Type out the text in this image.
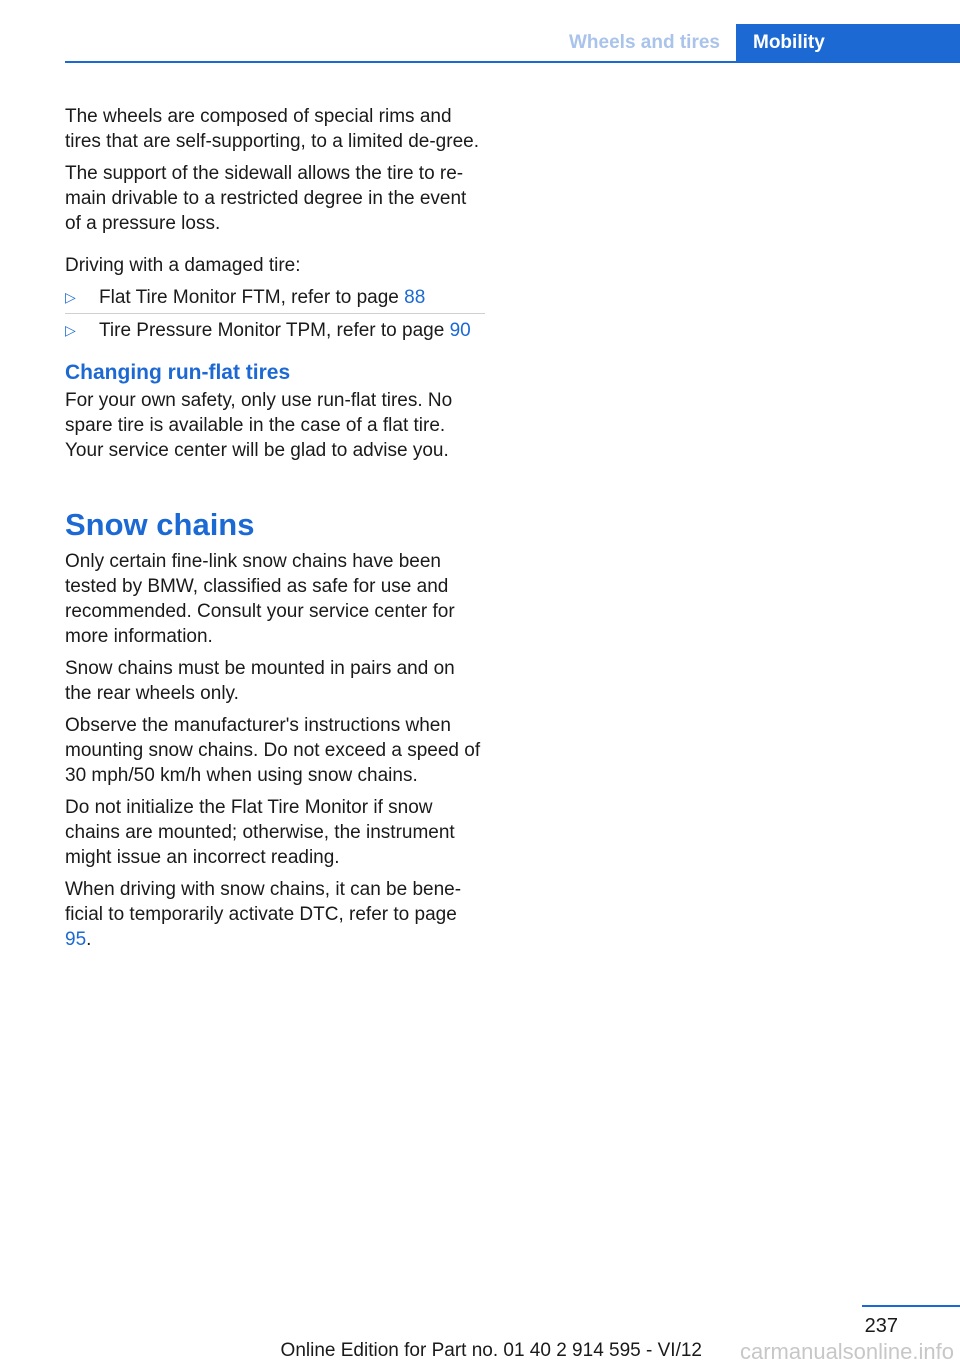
Wheels and tires	Mobility

The wheels are composed of special rims and tires that are self-supporting, to a limited de-gree.

The support of the sidewall allows the tire to re-main drivable to a restricted degree in the event of a pressure loss.

Driving with a damaged tire:

▷ Flat Tire Monitor FTM, refer to page 88
▷ Tire Pressure Monitor TPM, refer to page 90
Changing run-flat tires

For your own safety, only use run-flat tires. No spare tire is available in the case of a flat tire. Your service center will be glad to advise you.

Snow chains

Only certain fine-link snow chains have been tested by BMW, classified as safe for use and recommended. Consult your service center for more information.

Snow chains must be mounted in pairs and on the rear wheels only.

Observe the manufacturer's instructions when mounting snow chains. Do not exceed a speed of 30 mph/50 km/h when using snow chains.

Do not initialize the Flat Tire Monitor if snow chains are mounted; otherwise, the instrument might issue an incorrect reading.

When driving with snow chains, it can be bene-ficial to temporarily activate DTC, refer to page 95.

237
Online Edition for Part no. 01 40 2 914 595 - VI/12 carmanualsonline.info
